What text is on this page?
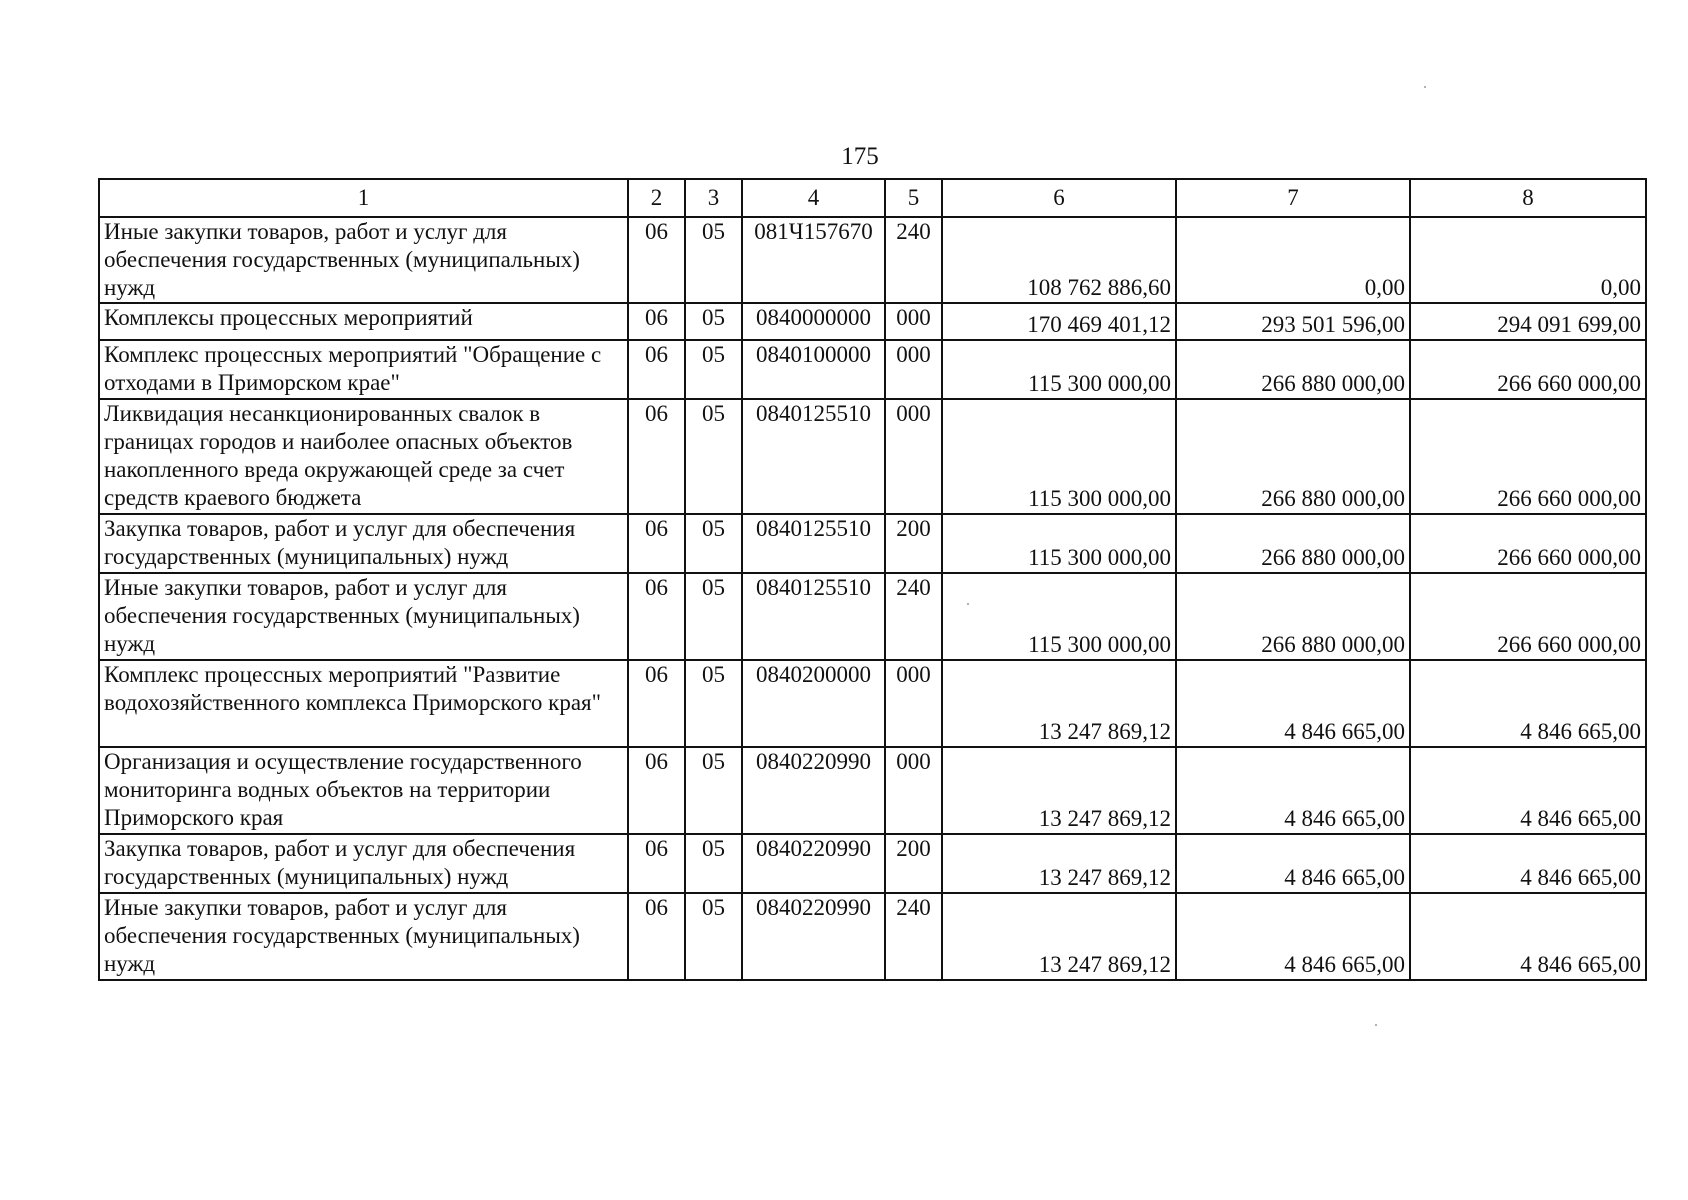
175
1	2	3	4	5	6	7	8
Иные закупки товаров, работ и услуг для обеспечения государственных (муниципальных) нужд	06	05	081Ч157670	240	108 762 886,60	0,00	0,00
Комплексы процессных мероприятий	06	05	0840000000	000	170 469 401,12	293 501 596,00	294 091 699,00
Комплекс процессных мероприятий "Обращение с отходами в Приморском крае"	06	05	0840100000	000	115 300 000,00	266 880 000,00	266 660 000,00
Ликвидация несанкционированных свалок в границах городов и наиболее опасных объектов накопленного вреда окружающей среде за счет средств краевого бюджета	06	05	0840125510	000	115 300 000,00	266 880 000,00	266 660 000,00
Закупка товаров, работ и услуг для обеспечения государственных (муниципальных) нужд	06	05	0840125510	200	115 300 000,00	266 880 000,00	266 660 000,00
Иные закупки товаров, работ и услуг для обеспечения государственных (муниципальных) нужд	06	05	0840125510	240	115 300 000,00	266 880 000,00	266 660 000,00
Комплекс процессных мероприятий "Развитие водохозяйственного комплекса Приморского края"	06	05	0840200000	000	13 247 869,12	4 846 665,00	4 846 665,00
Организация и осуществление государственного мониторинга водных объектов на территории Приморского края	06	05	0840220990	000	13 247 869,12	4 846 665,00	4 846 665,00
Закупка товаров, работ и услуг для обеспечения государственных (муниципальных) нужд	06	05	0840220990	200	13 247 869,12	4 846 665,00	4 846 665,00
Иные закупки товаров, работ и услуг для обеспечения государственных (муниципальных) нужд	06	05	0840220990	240	13 247 869,12	4 846 665,00	4 846 665,00
